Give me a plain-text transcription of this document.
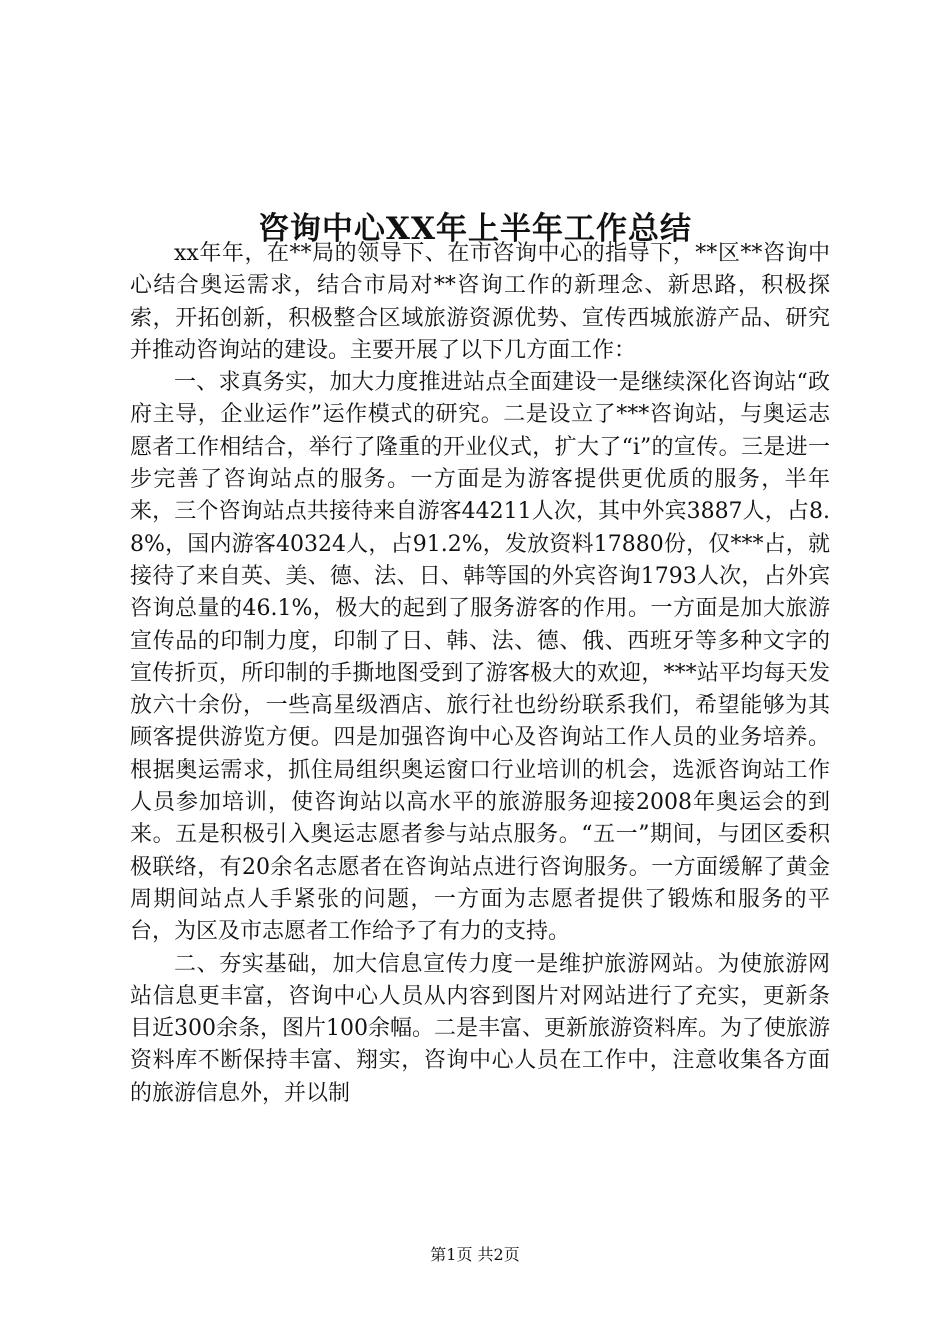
咨询中心XX年上半年工作总结

xx年年，在**局的领导下、在市咨询中心的指导下，**区**咨询中心结合奥运需求，结合市局对**咨询工作的新理念、新思路，积极探索，开拓创新，积极整合区域旅游资源优势、宣传西城旅游产品、研究并推动咨询站的建设。主要开展了以下几方面工作：

一、求真务实，加大力度推进站点全面建设一是继续深化咨询站“政府主导，企业运作”运作模式的研究。二是设立了***咨询站，与奥运志愿者工作相结合，举行了隆重的开业仪式，扩大了“i”的宣传。三是进一步完善了咨询站点的服务。一方面是为游客提供更优质的服务，半年来，三个咨询站点共接待来自游客44211人次，其中外宾3887人，占8.8%，国内游客40324人，占91.2%，发放资料17880份，仅***占，就接待了来自英、美、德、法、日、韩等国的外宾咨询1793人次，占外宾咨询总量的46.1%，极大的起到了服务游客的作用。一方面是加大旅游宣传品的印制力度，印制了日、韩、法、德、俄、西班牙等多种文字的宣传折页，所印制的手撕地图受到了游客极大的欢迎，***站平均每天发放六十余份，一些高星级酒店、旅行社也纷纷联系我们，希望能够为其顾客提供游览方便。四是加强咨询中心及咨询站工作人员的业务培养。根据奥运需求，抓住局组织奥运窗口行业培训的机会，选派咨询站工作人员参加培训，使咨询站以高水平的旅游服务迎接2008年奥运会的到来。五是积极引入奥运志愿者参与站点服务。“五一”期间，与团区委积极联络，有20余名志愿者在咨询站点进行咨询服务。一方面缓解了黄金周期间站点人手紧张的问题，一方面为志愿者提供了锻炼和服务的平台，为区及市志愿者工作给予了有力的支持。

二、夯实基础，加大信息宣传力度一是维护旅游网站。为使旅游网站信息更丰富，咨询中心人员从内容到图片对网站进行了充实，更新条目近300余条，图片100余幅。二是丰富、更新旅游资料库。为了使旅游资料库不断保持丰富、翔实，咨询中心人员在工作中，注意收集各方面的旅游信息外，并以制

第1页 共2页
